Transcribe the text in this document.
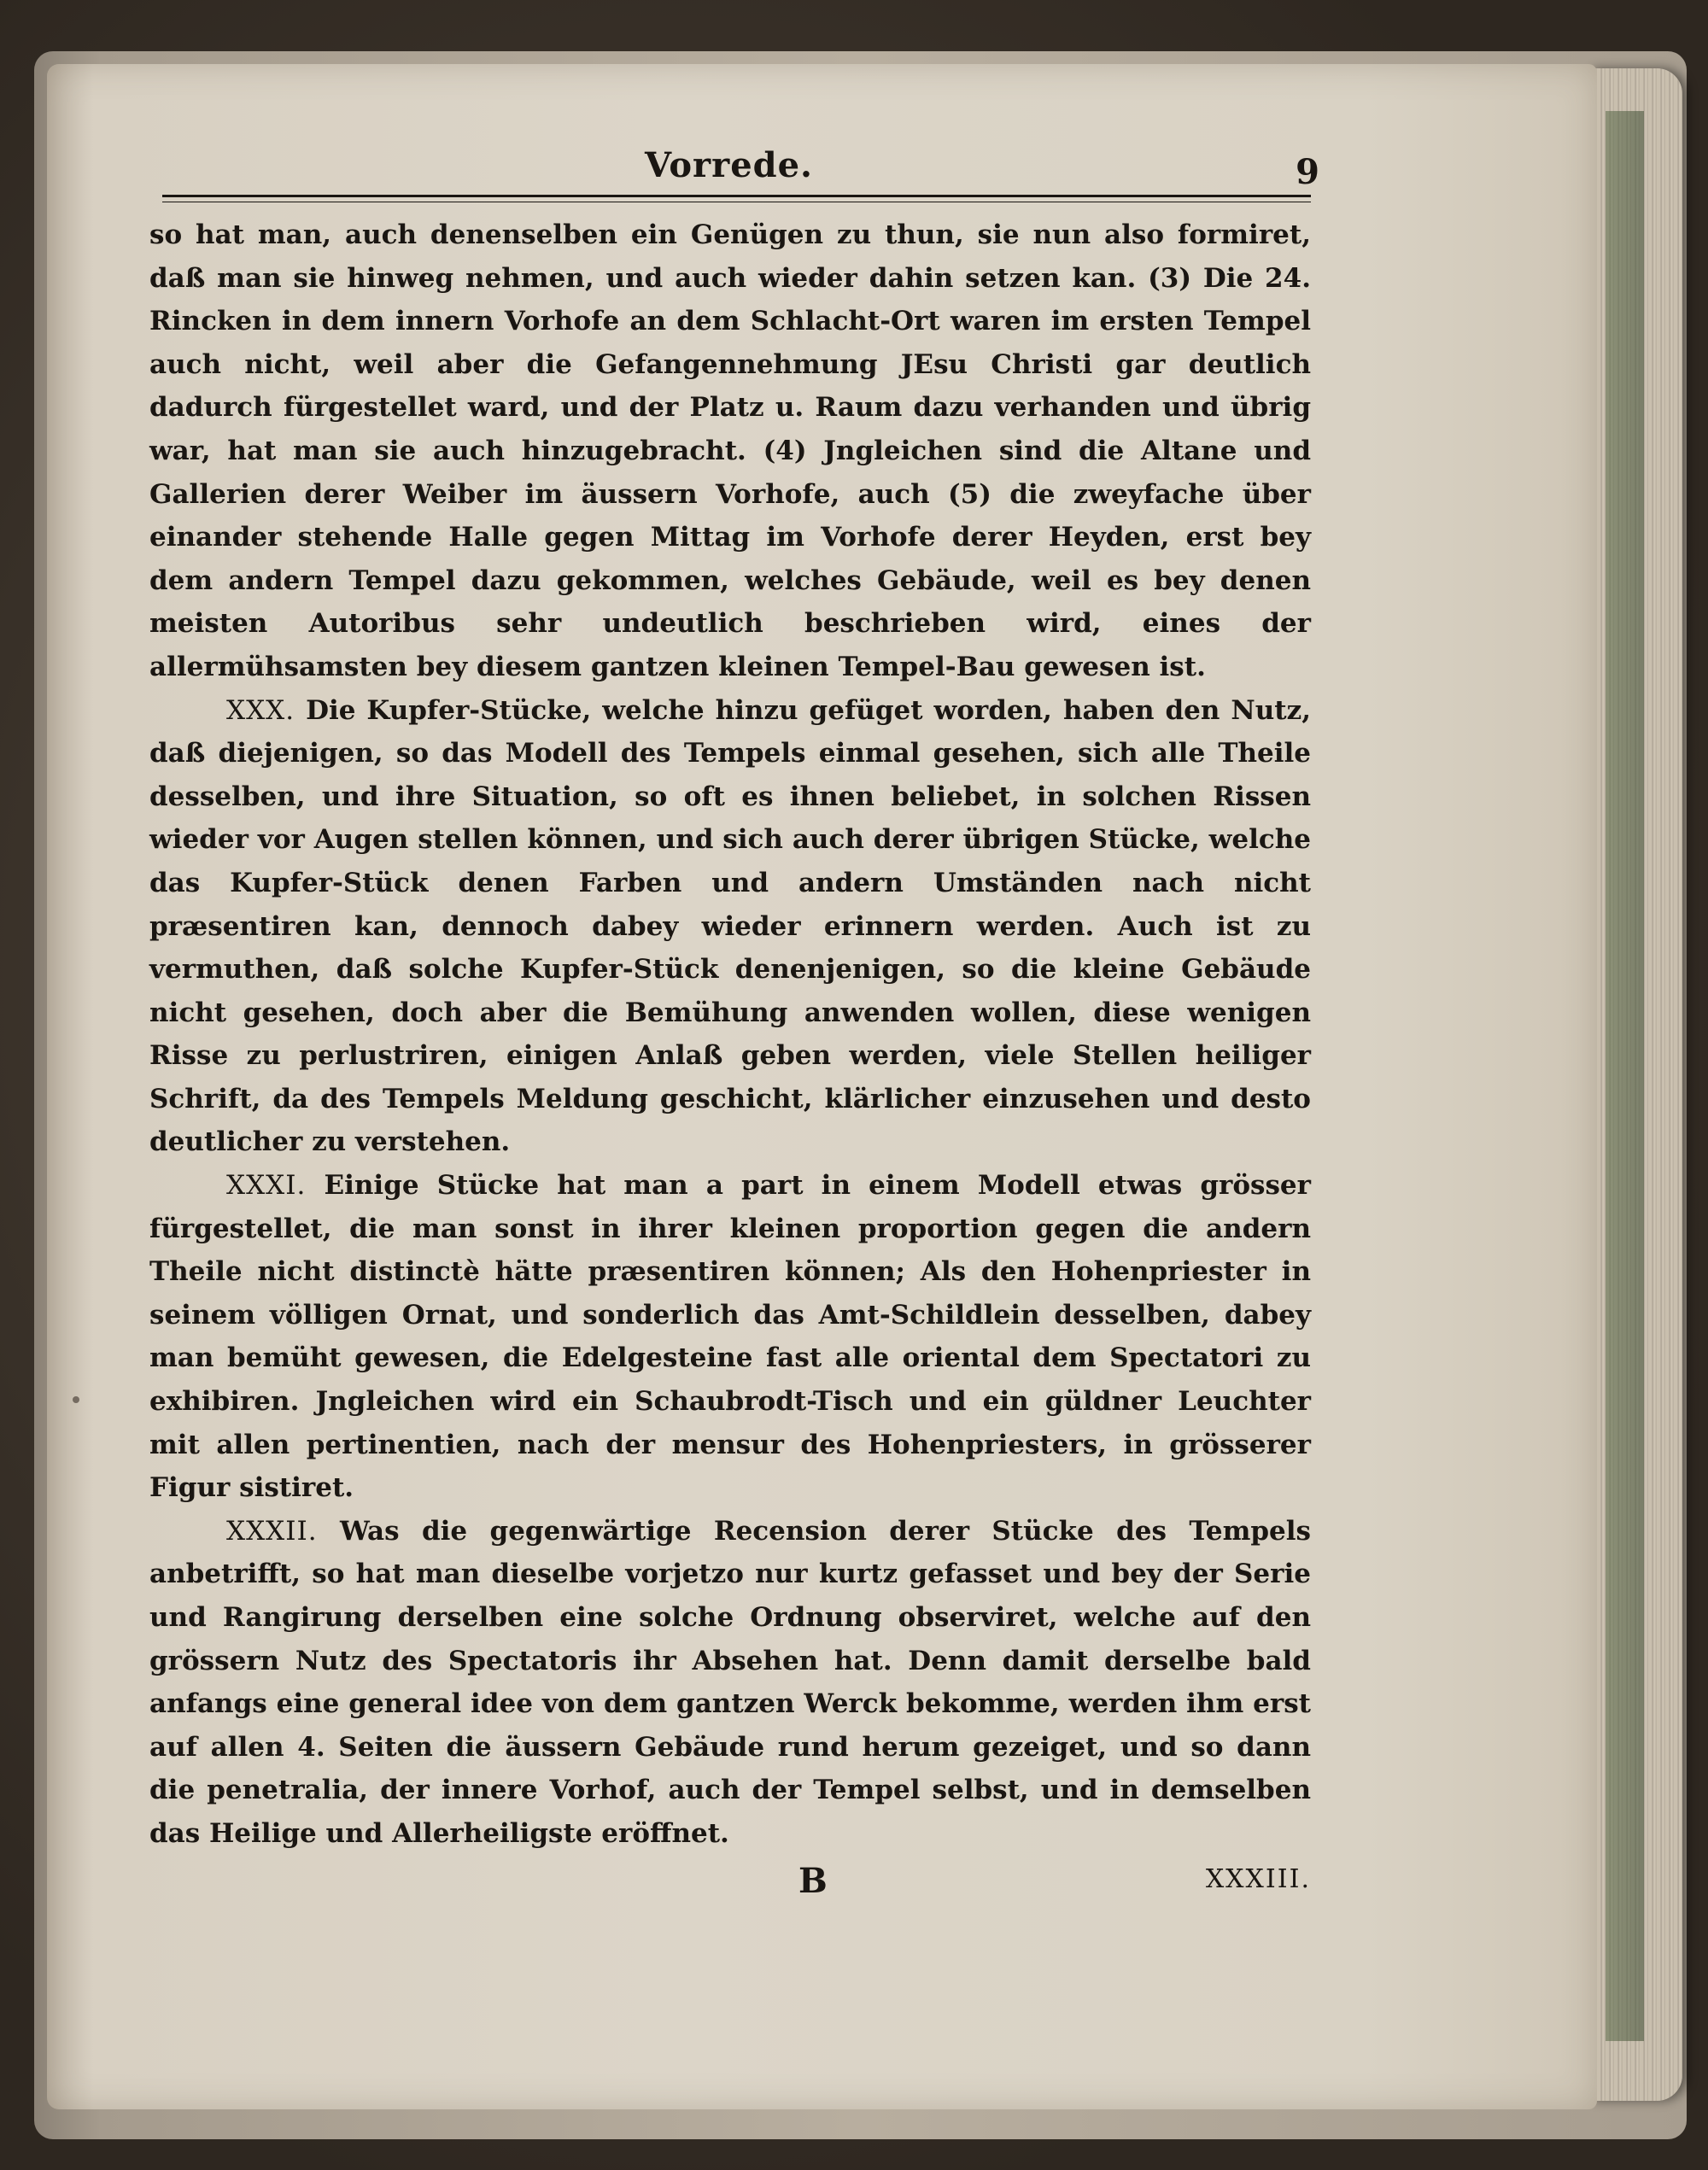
Vorrede.	9

so hat man, auch denenselben ein Genügen zu thun, sie nun also formiret, daß man sie hinweg nehmen, und auch wieder dahin setzen kan. (3) Die 24. Rincken in dem innern Vorhofe an dem Schlacht-Ort waren im ersten Tempel auch nicht, weil aber die Gefangennehmung JEsu Christi gar deutlich dadurch fürgestellet ward, und der Platz u. Raum dazu verhanden und übrig war, hat man sie auch hinzugebracht. (4) Jngleichen sind die Altane und Gallerien derer Weiber im äussern Vorhofe, auch (5) die zweyfache über einander stehende Halle gegen Mittag im Vorhofe derer Heyden, erst bey dem andern Tempel dazu gekommen, welches Gebäude, weil es bey denen meisten Autoribus sehr undeutlich beschrieben wird, eines der allermühsamsten bey diesem gantzen kleinen Tempel-Bau gewesen ist.

XXX. Die Kupfer-Stücke, welche hinzu gefüget worden, haben den Nutz, daß diejenigen, so das Modell des Tempels einmal gesehen, sich alle Theile desselben, und ihre Situation, so oft es ihnen beliebet, in solchen Rissen wieder vor Augen stellen können, und sich auch derer übrigen Stücke, welche das Kupfer-Stück denen Farben und andern Umständen nach nicht præsentiren kan, dennoch dabey wieder erinnern werden. Auch ist zu vermuthen, daß solche Kupfer-Stück denenjenigen, so die kleine Gebäude nicht gesehen, doch aber die Bemühung anwenden wollen, diese wenigen Risse zu perlustriren, einigen Anlaß geben werden, viele Stellen heiliger Schrift, da des Tempels Meldung geschicht, klärlicher einzusehen und desto deutlicher zu verstehen.

XXXI. Einige Stücke hat man a part in einem Modell etwas grösser fürgestellet, die man sonst in ihrer kleinen proportion gegen die andern Theile nicht distinctè hätte præsentiren können; Als den Hohenpriester in seinem völligen Ornat, und sonderlich das Amt-Schildlein desselben, dabey man bemüht gewesen, die Edelgesteine fast alle oriental dem Spectatori zu exhibiren. Jngleichen wird ein Schaubrodt-Tisch und ein güldner Leuchter mit allen pertinentien, nach der mensur des Hohenpriesters, in grösserer Figur sistiret.

XXXII. Was die gegenwärtige Recension derer Stücke des Tempels anbetrifft, so hat man dieselbe vorjetzo nur kurtz gefasset und bey der Serie und Rangirung derselben eine solche Ordnung observiret, welche auf den grössern Nutz des Spectatoris ihr Absehen hat. Denn damit derselbe bald anfangs eine general idee von dem gantzen Werck bekomme, werden ihm erst auf allen 4. Seiten die äussern Gebäude rund herum gezeiget, und so dann die penetralia, der innere Vorhof, auch der Tempel selbst, und in demselben das Heilige und Allerheiligste eröffnet.

B	XXXIII.
